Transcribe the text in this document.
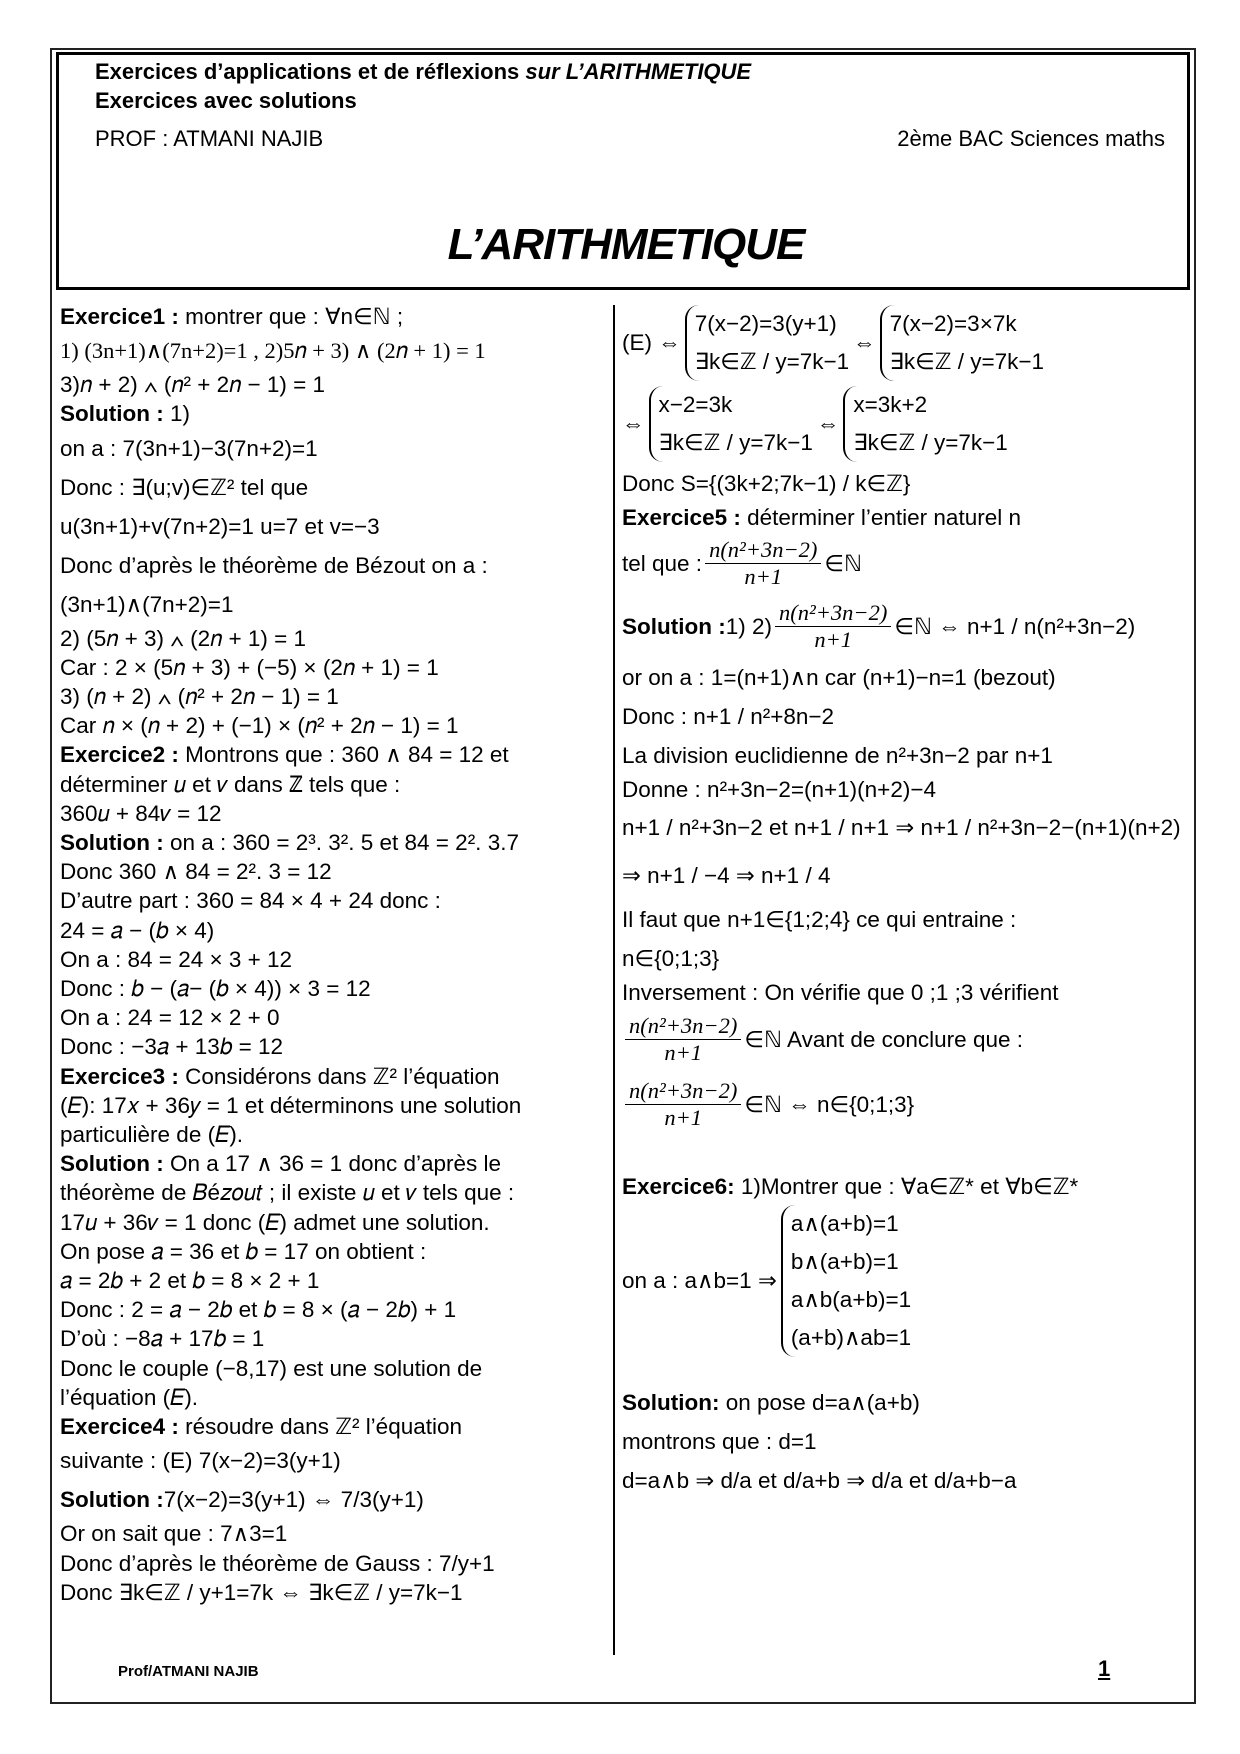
Exercices d’applications et de réflexions sur L’ARITHMETIQUE
Exercices avec solutions
PROF : ATMANI NAJIB	2ème BAC Sciences maths
L’ARITHMETIQUE
Exercice1 : montrer que : ∀n∈ℕ ;
1) (3n+1)∧(7n+2)=1 , 2)5𝑛 + 3) ∧ (2𝑛 + 1) = 1
3)𝑛 + 2) ∧ (𝑛² + 2𝑛 − 1) = 1
Solution : 1)
on a : 7(3n+1)−3(7n+2)=1
Donc : ∃(u;v)∈ℤ² tel que
u(3n+1)+v(7n+2)=1 u=7 et v=−3
Donc d’après le théorème de Bézout on a :
(3n+1)∧(7n+2)=1
2) (5𝑛 + 3) ∧ (2𝑛 + 1) = 1
Car : 2 × (5𝑛 + 3) + (−5) × (2𝑛 + 1) = 1
3) (𝑛 + 2) ∧ (𝑛² + 2𝑛 − 1) = 1
Car 𝑛 × (𝑛 + 2) + (−1) × (𝑛² + 2𝑛 − 1) = 1
Exercice2 : Montrons que : 360 ∧ 84 = 12 et
déterminer 𝑢 et 𝑣 dans ℤ tels que :
360𝑢 + 84𝑣 = 12
Solution : on a : 360 = 2³. 3². 5 et 84 = 2². 3.7
Donc 360 ∧ 84 = 2². 3 = 12
D’autre part : 360 = 84 × 4 + 24 donc :
24 = 𝑎 − (𝑏 × 4)
On a : 84 = 24 × 3 + 12
Donc : 𝑏 − (𝑎− (𝑏 × 4)) × 3 = 12
On a : 24 = 12 × 2 + 0
Donc : −3𝑎 + 13𝑏 = 12
Exercice3 : Considérons dans ℤ² l’équation
(𝐸): 17𝑥 + 36𝑦 = 1 et déterminons une solution
particulière de (𝐸).
Solution : On a 17 ∧ 36 = 1 donc d’après le
théorème de 𝐵é𝑧𝑜𝑢𝑡 ; il existe 𝑢 et 𝑣 tels que :
17𝑢 + 36𝑣 = 1 donc (𝐸) admet une solution.
On pose 𝑎 = 36 et 𝑏 = 17 on obtient :
𝑎 = 2𝑏 + 2 et 𝑏 = 8 × 2 + 1
Donc : 2 = 𝑎 − 2𝑏 et 𝑏 = 8 × (𝑎 − 2𝑏) + 1
D’où : −8𝑎 + 17𝑏 = 1
Donc le couple (−8,17) est une solution de
l’équation (𝐸).
Exercice4 : résoudre dans ℤ² l’équation
suivante : (E) 7(x−2)=3(y+1)
Solution :7(x−2)=3(y+1) ⇔ 7/3(y+1)
Or on sait que : 7∧3=1
Donc d’après le théorème de Gauss : 7/y+1
Donc ∃k∈ℤ / y+1=7k ⇔ ∃k∈ℤ / y=7k−1
(E) ⇔
7(x−2)=3(y+1)
∃k∈ℤ / y=7k−1
⇔
7(x−2)=3×7k
∃k∈ℤ / y=7k−1
⇔
x−2=3k
∃k∈ℤ / y=7k−1
⇔
x=3k+2
∃k∈ℤ / y=7k−1
Donc S={(3k+2;7k−1) / k∈ℤ}
Exercice5 : déterminer l’entier naturel n
tel que : $\frac{\text{n(n²+3n−2)}}{n+1}$ ∈ℕ
Solution : 1) $2) \frac{\text{n(n²+3n−2)}}{n+1}$ ∈ℕ ⇔ n+1 / n(n²+3n−2)
or on a : 1=(n+1)∧n car (n+1)−n=1 (bezout)
Donc : n+1 / n²+8n−2
La division euclidienne de n²+3n−2 par n+1
Donne : n²+3n−2=(n+1)(n+2)−4
n+1 / n²+3n−2 et n+1 / n+1 ⇒ n+1 / n²+3n−2−(n+1)(n+2)
⇒ n+1 / −4 ⇒ n+1 / 4
Il faut que n+1∈{1;2;4} ce qui entraine :
n∈{0;1;3}
Inversement : On vérifie que 0 ;1 ;3 vérifient
$\frac{\text{n(n²+3n−2)}}{n+1}$ ∈ℕ Avant de conclure que :
$\frac{\text{n(n²+3n−2)}}{n+1}$ ∈ℕ ⇔ n∈{0;1;3}
Exercice6: 1)Montrer que : ∀a∈ℤ* et ∀b∈ℤ*
on a : a∧b=1 ⇒
a∧(a+b)=1
b∧(a+b)=1
a∧b(a+b)=1
(a+b)∧ab=1
Solution: on pose d=a∧(a+b)
montrons que : d=1
d=a∧b ⇒ d/a et d/a+b ⇒ d/a et d/a+b−a
Prof/ATMANI NAJIB	1
